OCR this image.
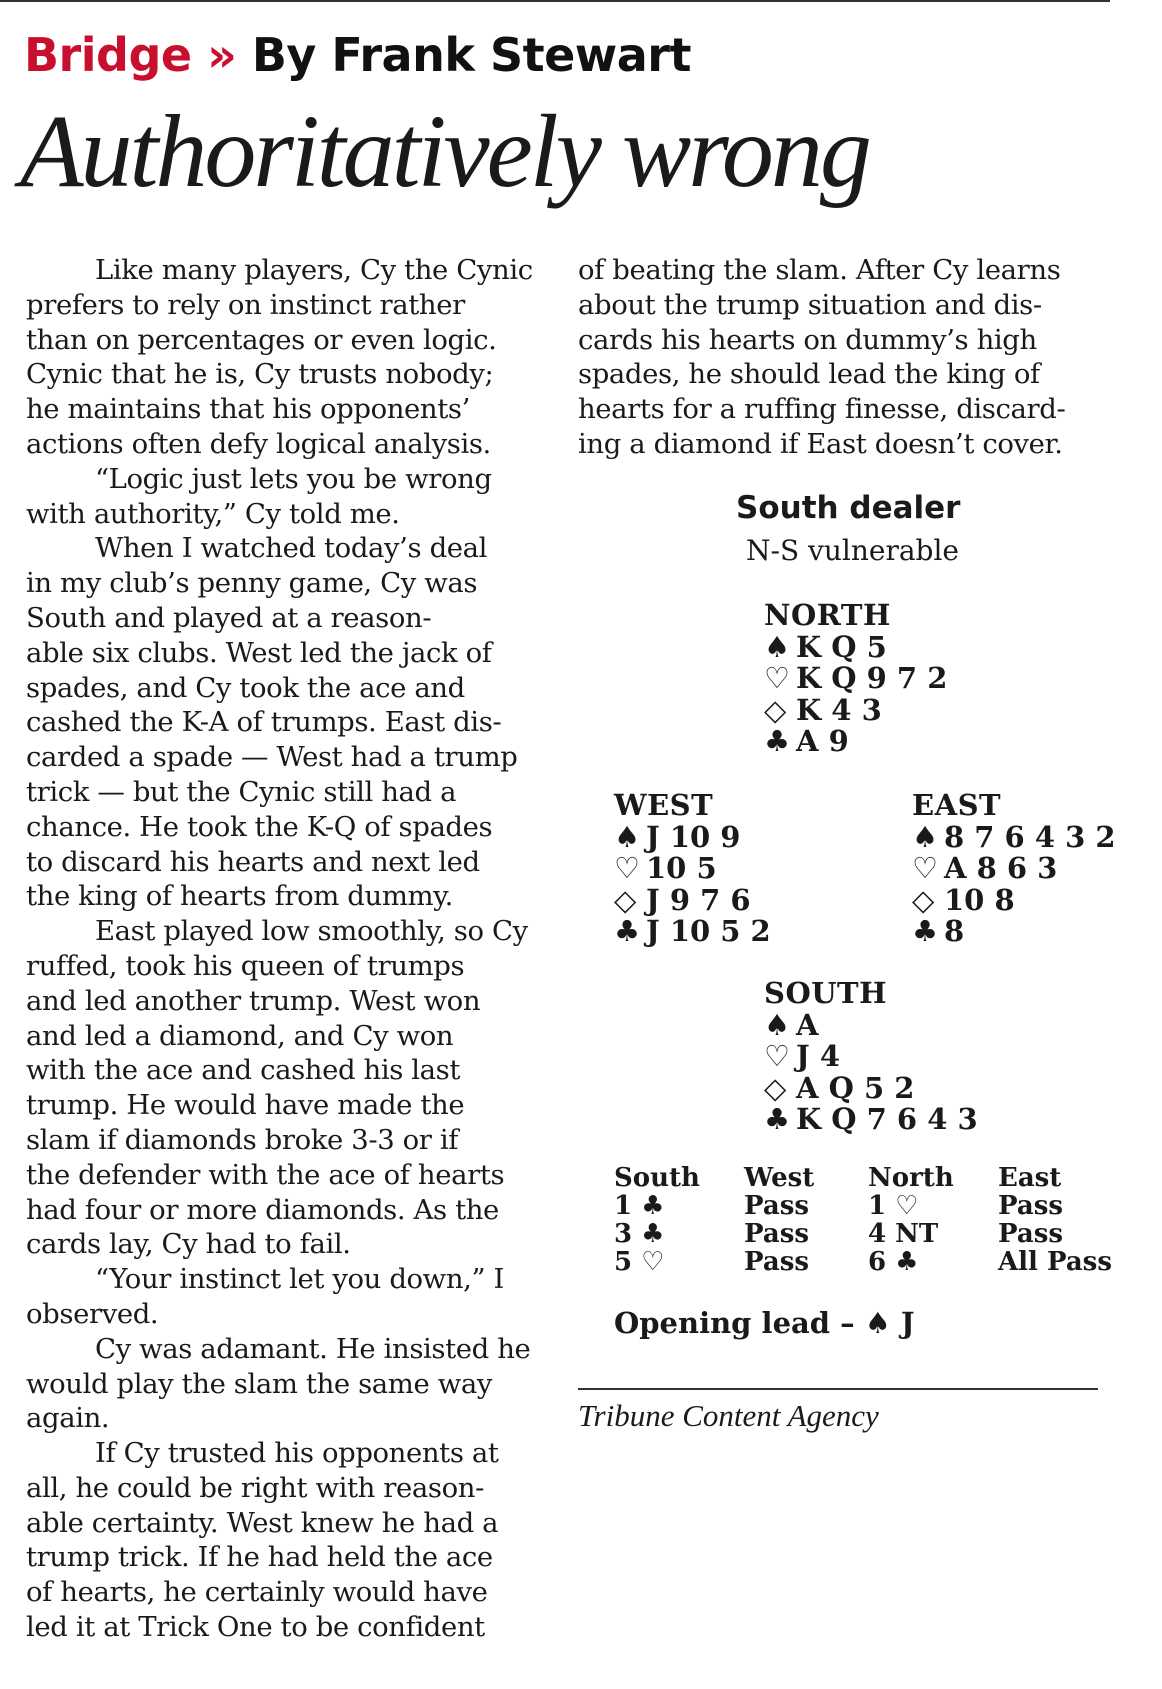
Bridge » By Frank Stewart
Authoritatively wrong
Like many players, Cy the Cynic
prefers to rely on instinct rather
than on percentages or even logic.
Cynic that he is, Cy trusts nobody;
he maintains that his opponents’
actions often defy logical analysis.
“Logic just lets you be wrong
with authority,” Cy told me.
When I watched today’s deal
in my club’s penny game, Cy was
South and played at a reason-
able six clubs. West led the jack of
spades, and Cy took the ace and
cashed the K-A of trumps. East dis-
carded a spade — West had a trump
trick — but the Cynic still had a
chance. He took the K-Q of spades
to discard his hearts and next led
the king of hearts from dummy.
East played low smoothly, so Cy
ruffed, took his queen of trumps
and led another trump. West won
and led a diamond, and Cy won
with the ace and cashed his last
trump. He would have made the
slam if diamonds broke 3-3 or if
the defender with the ace of hearts
had four or more diamonds. As the
cards lay, Cy had to fail.
“Your instinct let you down,” I
observed.
Cy was adamant. He insisted he
would play the slam the same way
again.
If Cy trusted his opponents at
all, he could be right with reason-
able certainty. West knew he had a
trump trick. If he had held the ace
of hearts, he certainly would have
led it at Trick One to be confident
of beating the slam. After Cy learns
about the trump situation and dis-
cards his hearts on dummy’s high
spades, he should lead the king of
hearts for a ruffing finesse, discard-
ing a diamond if East doesn’t cover.
South dealer
N-S vulnerable
NORTH
♠ K Q 5
♡ K Q 9 7 2
◇ K 4 3
♣ A 9
WEST
♠ J 10 9
♡ 10 5
◇ J 9 7 6
♣ J 10 5 2
EAST
♠ 8 7 6 4 3 2
♡ A 8 6 3
◇ 10 8
♣ 8
SOUTH
♠ A
♡ J 4
◇ A Q 5 2
♣ K Q 7 6 4 3
South
1 ♣
3 ♣
5 ♡
West
Pass
Pass
Pass
North
1 ♡
4 NT
6 ♣
East
Pass
Pass
All Pass
Opening lead – ♠ J
Tribune Content Agency
